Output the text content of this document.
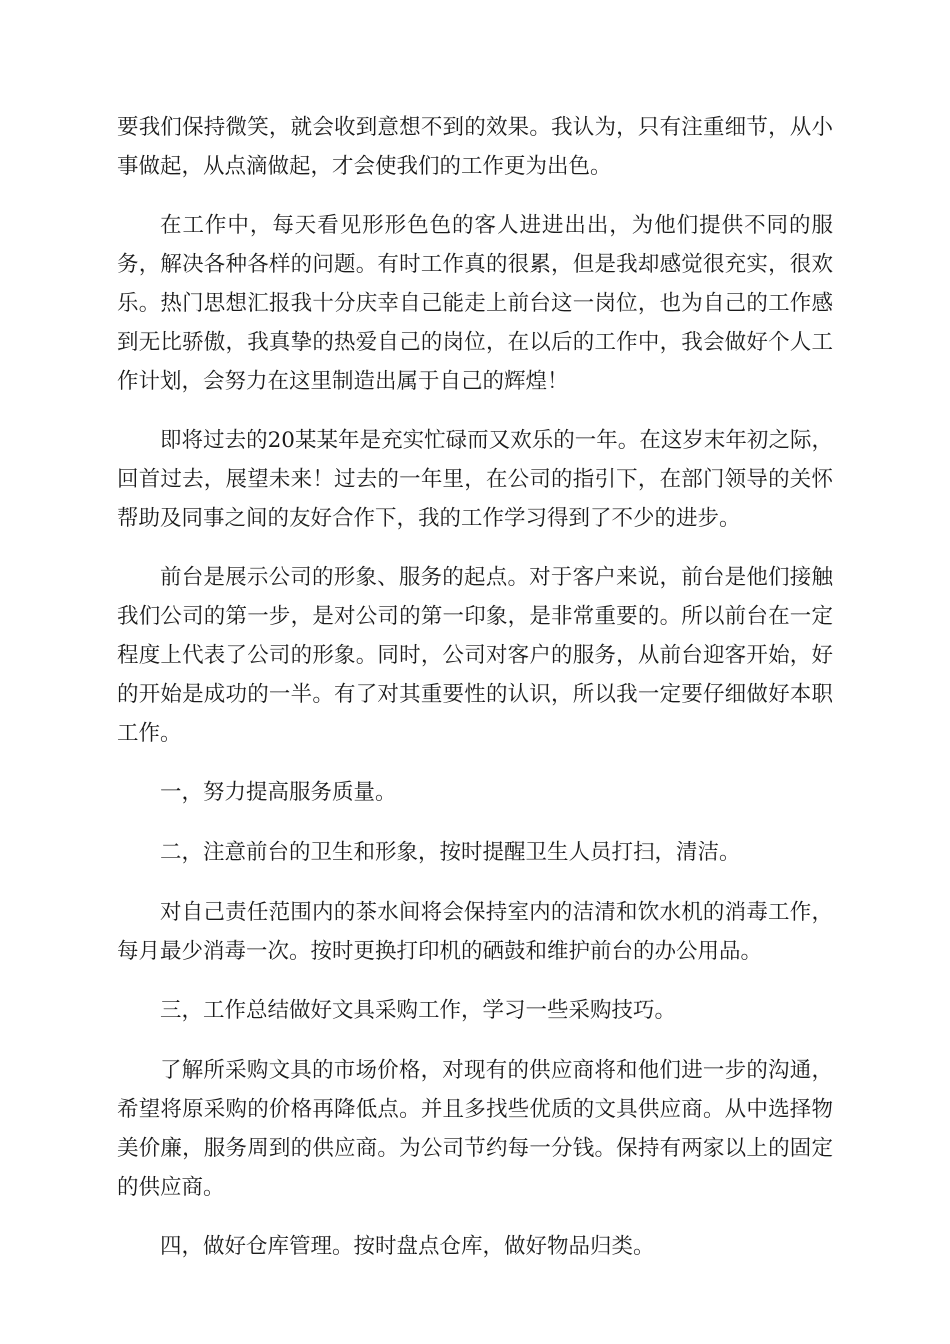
要我们保持微笑，就会收到意想不到的效果。我认为，只有注重细节，从小事做起，从点滴做起，才会使我们的工作更为出色。

在工作中，每天看见形形色色的客人进进出出，为他们提供不同的服务，解决各种各样的问题。有时工作真的很累，但是我却感觉很充实，很欢乐。热门思想汇报我十分庆幸自己能走上前台这一岗位，也为自己的工作感到无比骄傲，我真挚的热爱自己的岗位，在以后的工作中，我会做好个人工作计划，会努力在这里制造出属于自己的辉煌！

即将过去的20某某年是充实忙碌而又欢乐的一年。在这岁末年初之际，回首过去，展望未来！过去的一年里，在公司的指引下，在部门领导的关怀帮助及同事之间的友好合作下，我的工作学习得到了不少的进步。

前台是展示公司的形象、服务的起点。对于客户来说，前台是他们接触我们公司的第一步，是对公司的第一印象，是非常重要的。所以前台在一定程度上代表了公司的形象。同时，公司对客户的服务，从前台迎客开始，好的开始是成功的一半。有了对其重要性的认识，所以我一定要仔细做好本职工作。

一，努力提高服务质量。

二，注意前台的卫生和形象，按时提醒卫生人员打扫，清洁。

对自己责任范围内的茶水间将会保持室内的洁清和饮水机的消毒工作，每月最少消毒一次。按时更换打印机的硒鼓和维护前台的办公用品。

三，工作总结做好文具采购工作，学习一些采购技巧。

了解所采购文具的市场价格，对现有的供应商将和他们进一步的沟通，希望将原采购的价格再降低点。并且多找些优质的文具供应商。从中选择物美价廉，服务周到的供应商。为公司节约每一分钱。保持有两家以上的固定的供应商。

四，做好仓库管理。按时盘点仓库，做好物品归类。
